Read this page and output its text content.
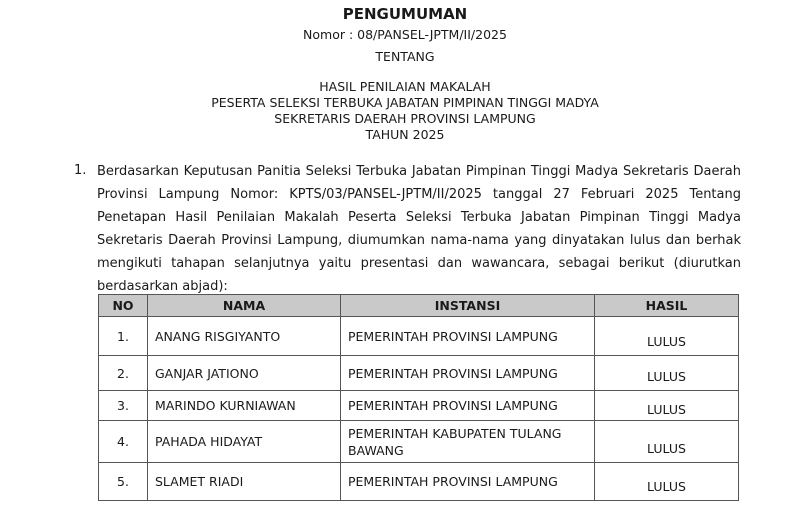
PENGUMUMAN
Nomor : 08/PANSEL-JPTM/II/2025
TENTANG
HASIL PENILAIAN MAKALAH
PESERTA SELEKSI TERBUKA JABATAN PIMPINAN TINGGI MADYA
SEKRETARIS DAERAH PROVINSI LAMPUNG
TAHUN 2025
1. Berdasarkan Keputusan Panitia Seleksi Terbuka Jabatan Pimpinan Tinggi Madya Sekretaris Daerah
Provinsi Lampung Nomor: KPTS/03/PANSEL-JPTM/II/2025 tanggal 27 Februari 2025 Tentang
Penetapan Hasil Penilaian Makalah Peserta Seleksi Terbuka Jabatan Pimpinan Tinggi Madya
Sekretaris Daerah Provinsi Lampung, diumumkan nama-nama yang dinyatakan lulus dan berhak
mengikuti tahapan selanjutnya yaitu presentasi dan wawancara, sebagai berikut (diurutkan
berdasarkan abjad):
NO	NAMA	INSTANSI	HASIL
1.	ANANG RISGIYANTO	PEMERINTAH PROVINSI LAMPUNG	LULUS
2.	GANJAR JATIONO	PEMERINTAH PROVINSI LAMPUNG	LULUS
3.	MARINDO KURNIAWAN	PEMERINTAH PROVINSI LAMPUNG	LULUS
4.	PAHADA HIDAYAT	PEMERINTAH KABUPATEN TULANG BAWANG	LULUS
5.	SLAMET RIADI	PEMERINTAH PROVINSI LAMPUNG	LULUS
